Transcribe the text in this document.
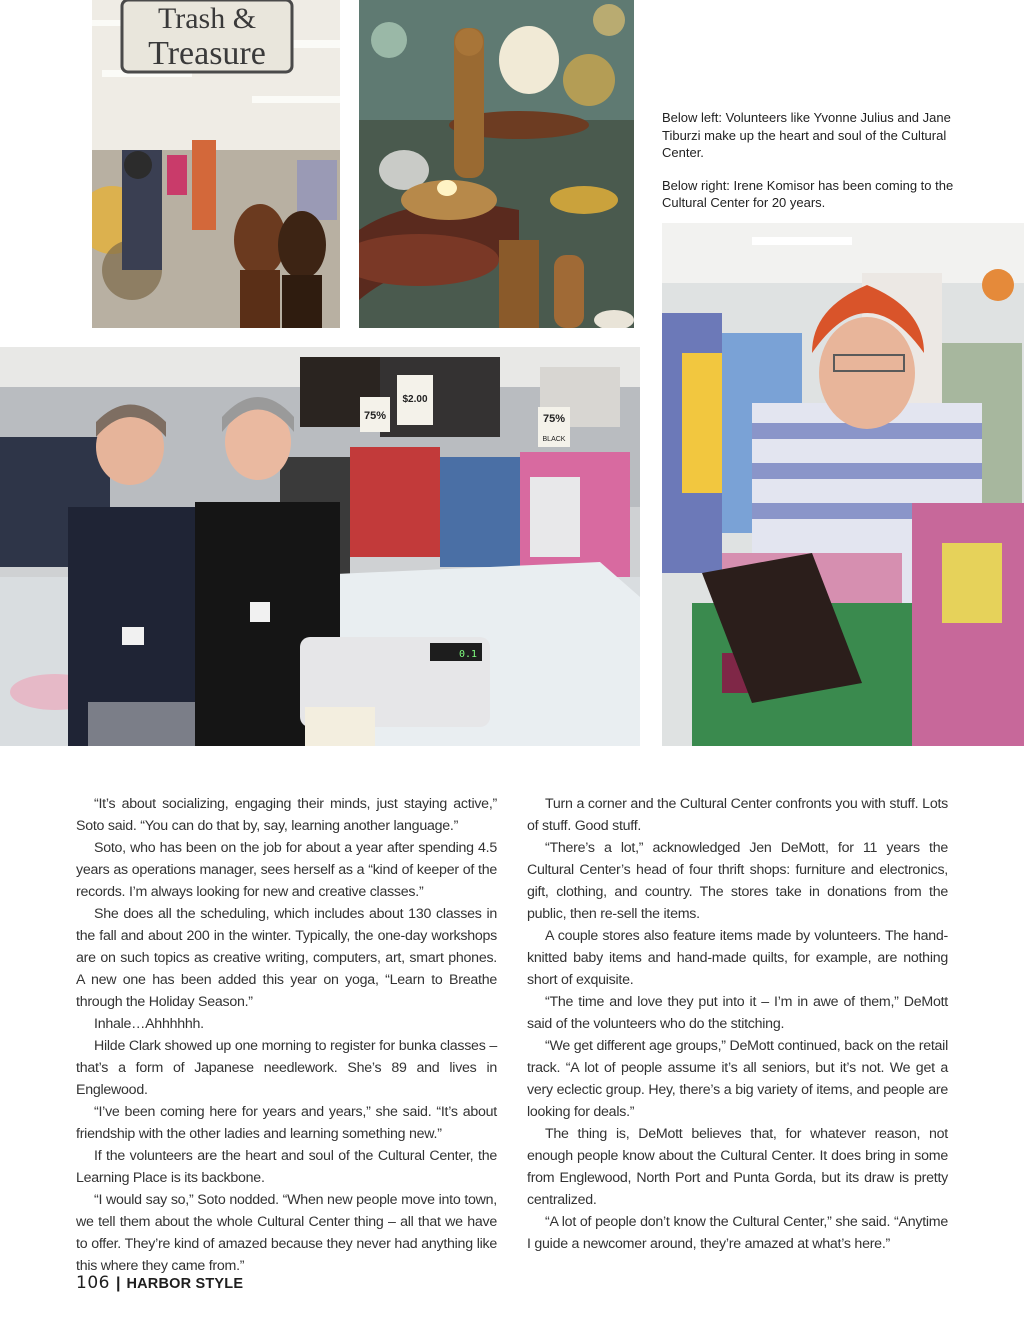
Trash &
Treasure
75%	75%
BLACK
$2.00
0.1

Below left: Volunteers like Yvonne Julius and Jane Tiburzi make up the heart and soul of the Cultural Center.

Below right: Irene Komisor has been coming to the Cultural Center for 20 years.

“It’s about socializing, engaging their minds, just staying active,” Soto said. “You can do that by, say, learning another language.”

Soto, who has been on the job for about a year after spending 4.5 years as operations manager, sees herself as a “kind of keeper of the records. I’m always looking for new and creative classes.”

She does all the scheduling, which includes about 130 classes in the fall and about 200 in the winter. Typically, the one-day workshops are on such topics as creative writing, computers, art, smart phones. A new one has been added this year on yoga, “Learn to Breathe through the Holiday Season.”

Inhale…Ahhhhhh.

Hilde Clark showed up one morning to register for bunka classes – that’s a form of Japanese needlework. She’s 89 and lives in Englewood.

“I’ve been coming here for years and years,” she said. “It’s about friendship with the other ladies and learning something new.”

If the volunteers are the heart and soul of the Cultural Center, the Learning Place is its backbone.

“I would say so,” Soto nodded. “When new people move into town, we tell them about the whole Cultural Center thing – all that we have to offer. They’re kind of amazed because they never had anything like this where they came from.”

Turn a corner and the Cultural Center confronts you with stuff. Lots of stuff. Good stuff.

“There’s a lot,” acknowledged Jen DeMott, for 11 years the Cultural Center’s head of four thrift shops: furniture and electronics, gift, clothing, and country. The stores take in donations from the public, then re-sell the items.

A couple stores also feature items made by volunteers. The hand-knitted baby items and hand-made quilts, for example, are nothing short of exquisite.

“The time and love they put into it – I’m in awe of them,” DeMott said of the volunteers who do the stitching.

“We get different age groups,” DeMott continued, back on the retail track. “A lot of people assume it’s all seniors, but it’s not. We get a very eclectic group. Hey, there’s a big variety of items, and people are looking for deals.”

The thing is, DeMott believes that, for whatever reason, not enough people know about the Cultural Center. It does bring in some from Englewood, North Port and Punta Gorda, but its draw is pretty centralized.

“A lot of people don’t know the Cultural Center,” she said. “Anytime I guide a newcomer around, they’re amazed at what’s here.”

106 | HARBOR STYLE
